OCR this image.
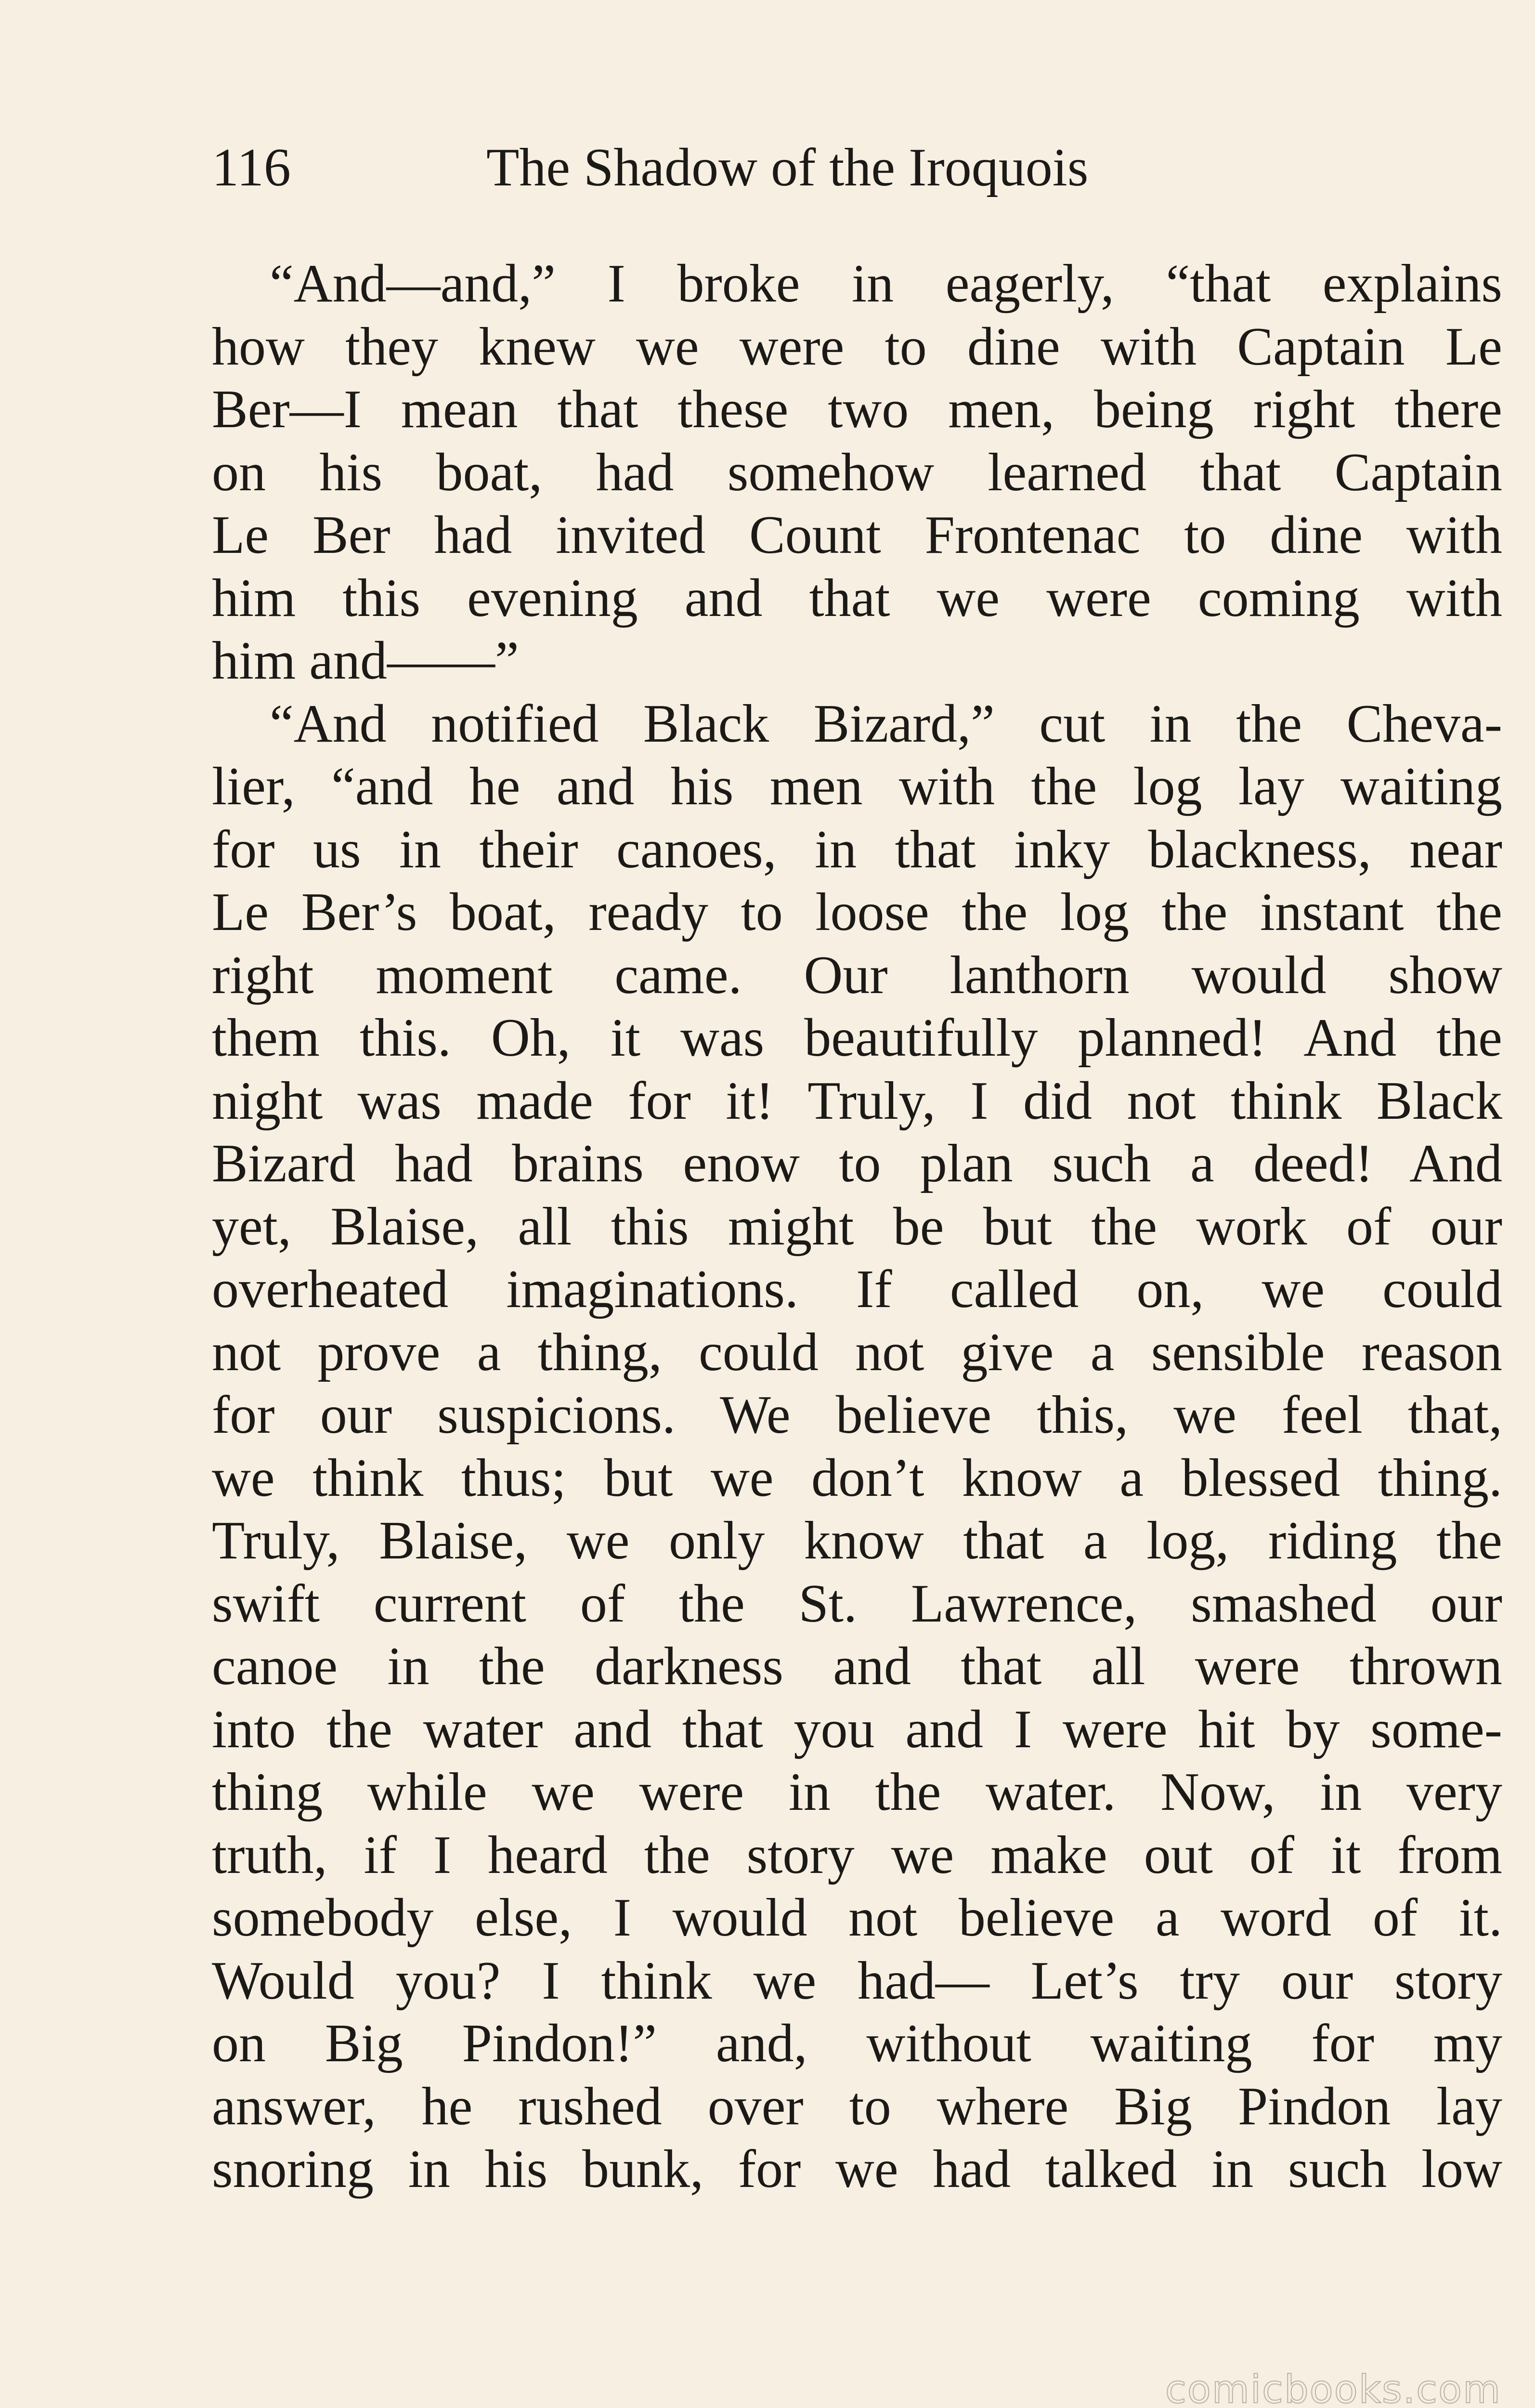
116	The Shadow of the Iroquois
“And—and,” I broke in eagerly, “that explains
how they knew we were to dine with Captain Le
Ber—I mean that these two men, being right there
on his boat, had somehow learned that Captain
Le Ber had invited Count Frontenac to dine with
him this evening and that we were coming with
him and——”
“And notified Black Bizard,” cut in the Cheva-
lier, “and he and his men with the log lay waiting
for us in their canoes, in that inky blackness, near
Le Ber’s boat, ready to loose the log the instant the
right moment came. Our lanthorn would show
them this. Oh, it was beautifully planned! And the
night was made for it! Truly, I did not think Black
Bizard had brains enow to plan such a deed! And
yet, Blaise, all this might be but the work of our
overheated imaginations. If called on, we could
not prove a thing, could not give a sensible reason
for our suspicions. We believe this, we feel that,
we think thus; but we don’t know a blessed thing.
Truly, Blaise, we only know that a log, riding the
swift current of the St. Lawrence, smashed our
canoe in the darkness and that all were thrown
into the water and that you and I were hit by some-
thing while we were in the water. Now, in very
truth, if I heard the story we make out of it from
somebody else, I would not believe a word of it.
Would you? I think we had— Let’s try our story
on Big Pindon!” and, without waiting for my
answer, he rushed over to where Big Pindon lay
snoring in his bunk, for we had talked in such low
comicbooks.com
